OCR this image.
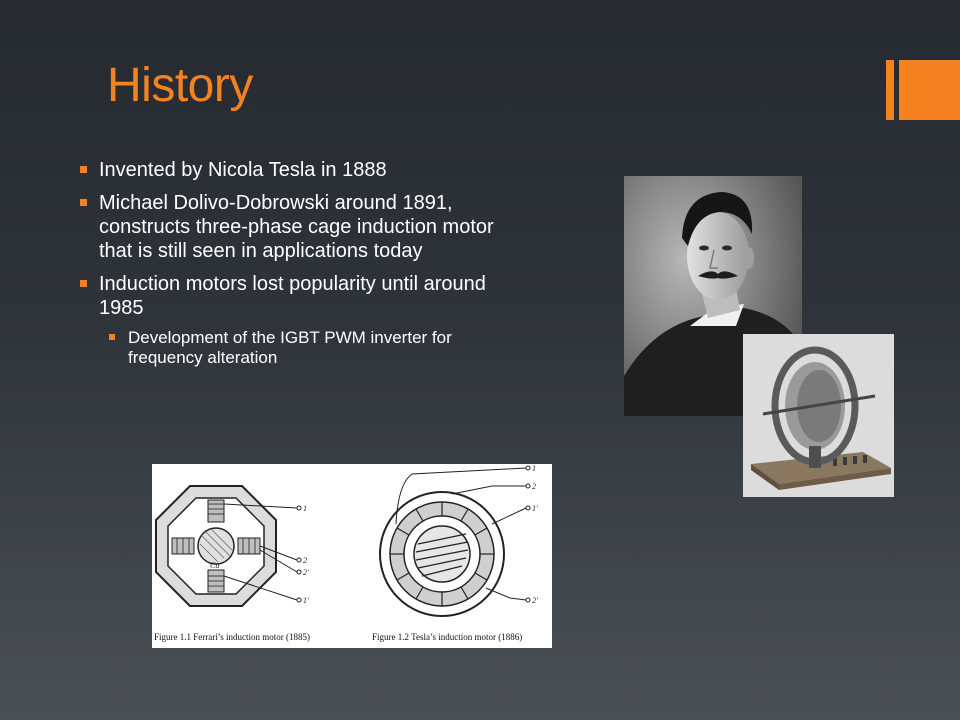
History
Invented by Nicola Tesla in 1888
Michael Dolivo-Dobrowski around 1891, constructs three-phase cage induction motor that is still seen in applications today
Induction motors lost popularity until around 1985
Development of the IGBT PWM inverter for frequency alteration
.
Cu
1
2
2'
1'
1
2
1'
2'
Figure 1.1 Ferrari’s induction motor (1885)	Figure 1.2 Tesla’s induction motor (1886)
